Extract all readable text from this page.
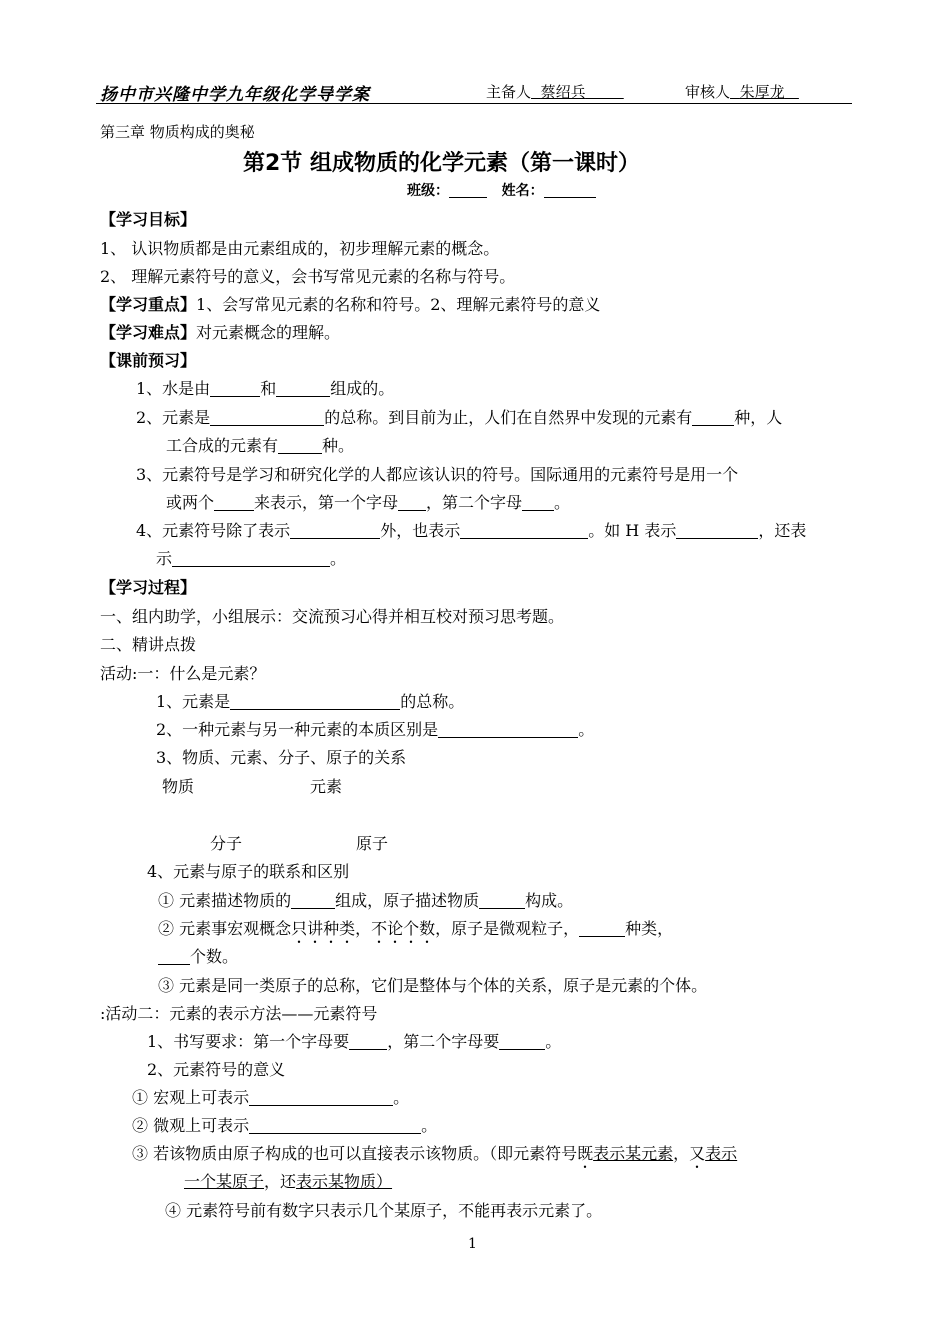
扬中市兴隆中学九年级化学导学案	主备人 蔡绍兵	审核人 朱厚龙
第三章 物质构成的奥秘
第2节 组成物质的化学元素（第一课时）
班级：	姓名：
【学习目标】
1、 认识物质都是由元素组成的，初步理解元素的概念。
2、 理解元素符号的意义，会书写常见元素的名称与符号。
【学习重点】1、会写常见元素的名称和符号。2、理解元素符号的意义
【学习难点】对元素概念的理解。
【课前预习】
1、水是由	和	组成的。
2、元素是	的总称。到目前为止，人们在自然界中发现的元素有	种，人
工合成的元素有	种。
3、元素符号是学习和研究化学的人都应该认识的符号。国际通用的元素符号是用一个
或两个	来表示，第一个字母 ，第二个字母 。
4、元素符号除了表示	外，也表示	。如 H 表示	，还表
示	。
【学习过程】
一、组内助学，小组展示：交流预习心得并相互校对预习思考题。
二、精讲点拨
活动:一：什么是元素？
1、元素是	的总称。
2、一种元素与另一种元素的本质区别是	。
3、物质、元素、分子、原子的关系
物质	元素
分子	原子
4、元素与原子的联系和区别
① 元素描述物质的	组成，原子描述物质	构成。
② 元素事宏观概念只讲种类，不论个数，原子是微观粒子，	种类，
个数。
③ 元素是同一类原子的总称，它们是整体与个体的关系，原子是元素的个体。
:活动二：元素的表示方法——元素符号
1、书写要求：第一个字母要 ，第二个字母要	。
2、元素符号的意义
① 宏观上可表示	。
② 微观上可表示	。
③ 若该物质由原子构成的也可以直接表示该物质。（即元素符号既表示某元素，又表示
一个某原子，还表示某物质）
④ 元素符号前有数字只表示几个某原子，不能再表示元素了。
1
